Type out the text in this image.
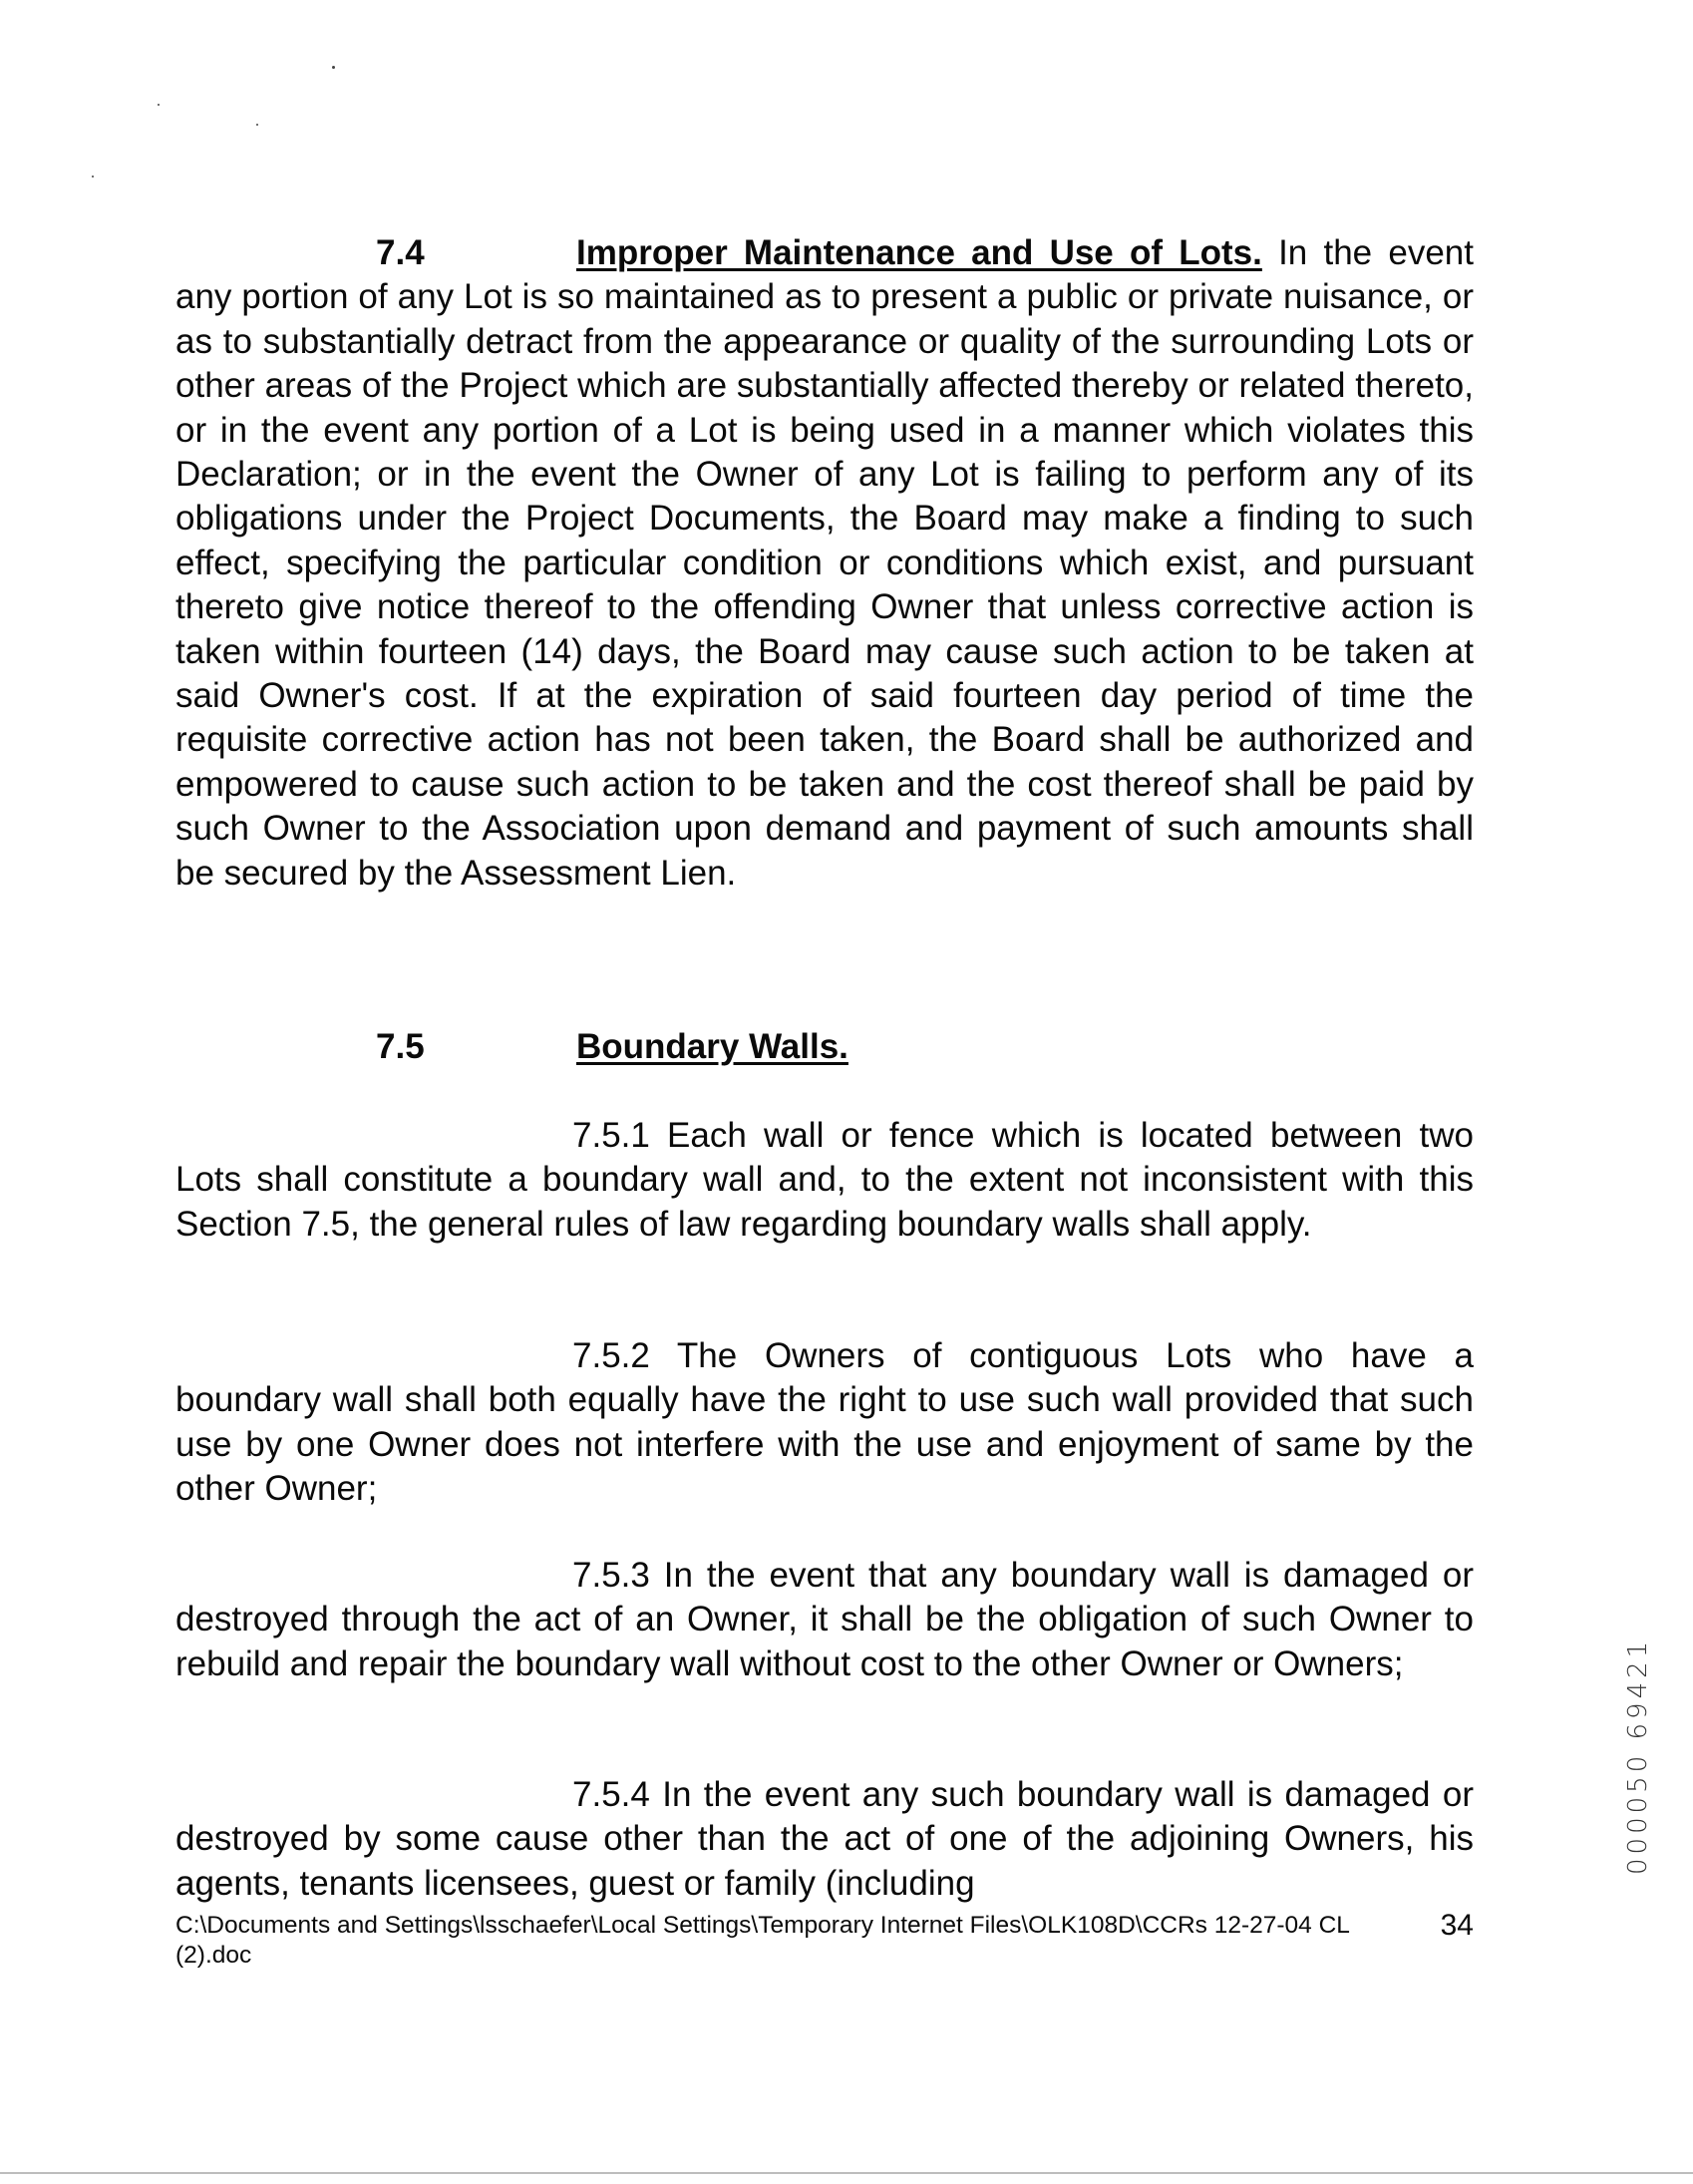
7.4	Improper Maintenance and Use of Lots. In the event any portion of any Lot is so maintained as to present a public or private nuisance, or as to substantially detract from the appearance or quality of the surrounding Lots or other areas of the Project which are substantially affected thereby or related thereto, or in the event any portion of a Lot is being used in a manner which violates this Declaration; or in the event the Owner of any Lot is failing to perform any of its obligations under the Project Documents, the Board may make a finding to such effect, specifying the particular condition or conditions which exist, and pursuant thereto give notice thereof to the offending Owner that unless corrective action is taken within fourteen (14) days, the Board may cause such action to be taken at said Owner's cost. If at the expiration of said fourteen day period of time the requisite corrective action has not been taken, the Board shall be authorized and empowered to cause such action to be taken and the cost thereof shall be paid by such Owner to the Association upon demand and payment of such amounts shall be secured by the Assessment Lien.

7.5	Boundary Walls.

7.5.1 Each wall or fence which is located between two Lots shall constitute a boundary wall and, to the extent not inconsistent with this Section 7.5, the general rules of law regarding boundary walls shall apply.

7.5.2 The Owners of contiguous Lots who have a boundary wall shall both equally have the right to use such wall provided that such use by one Owner does not interfere with the use and enjoyment of same by the other Owner;

7.5.3 In the event that any boundary wall is damaged or destroyed through the act of an Owner, it shall be the obligation of such Owner to rebuild and repair the boundary wall without cost to the other Owner or Owners;

7.5.4 In the event any such boundary wall is damaged or destroyed by some cause other than the act of one of the adjoining Owners, his agents, tenants licensees, guest or family (including

C:\Documents and Settings\lsschaefer\Local Settings\Temporary Internet Files\OLK108D\CCRs 12-27-04 CL (2).doc
34
000050 69421
